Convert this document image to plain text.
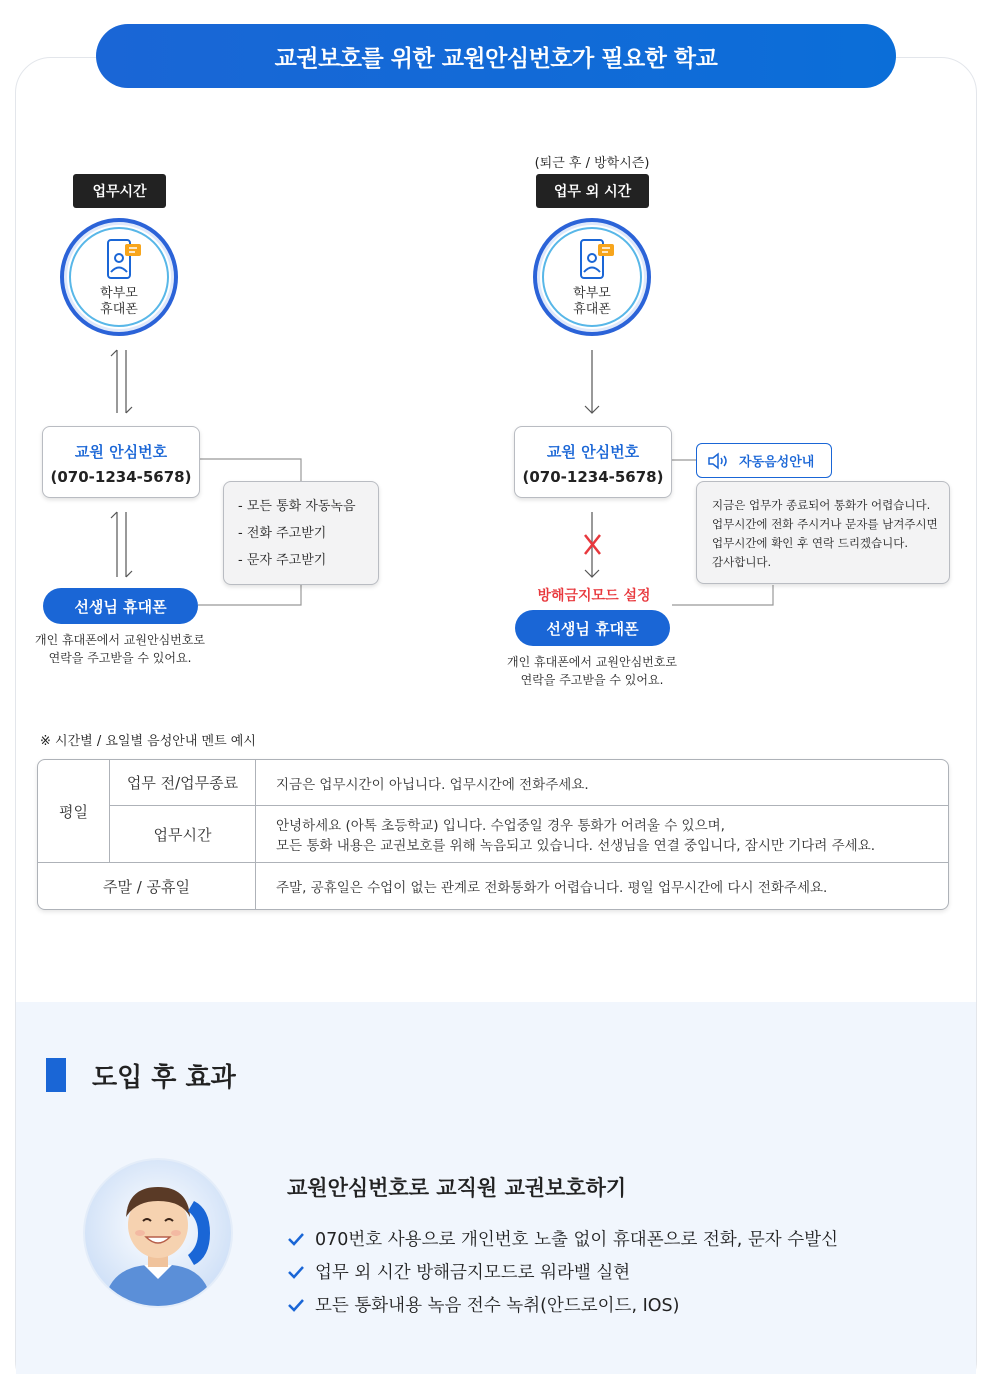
교권보호를 위한 교원안심번호가 필요한 학교
업무시간
학부모
휴대폰
교원 안심번호
(070-1234-5678)
- 모든 통화 자동녹음
- 전화 주고받기
- 문자 주고받기
선생님 휴대폰
개인 휴대폰에서 교원안심번호로
연락을 주고받을 수 있어요.
(퇴근 후 / 방학시즌)
업무 외 시간
학부모
휴대폰
교원 안심번호
(070-1234-5678)
자동음성안내
지금은 업무가 종료되어 통화가 어렵습니다.
업무시간에 전화 주시거나 문자를 남겨주시면
업무시간에 확인 후 연락 드리겠습니다.
감사합니다.
방해금지모드 설정
선생님 휴대폰
개인 휴대폰에서 교원안심번호로
연락을 주고받을 수 있어요.
※ 시간별 / 요일별 음성안내 멘트 예시
평일	업무 전/업무종료	지금은 업무시간이 아닙니다. 업무시간에 전화주세요.
	업무시간	안녕하세요 (아톡 초등학교) 입니다. 수업중일 경우 통화가 어려울 수 있으며,
모든 통화 내용은 교권보호를 위해 녹음되고 있습니다. 선생님을 연결 중입니다, 잠시만 기다려 주세요.

주말 / 공휴일		주말, 공휴일은 수업이 없는 관계로 전화통화가 어렵습니다. 평일 업무시간에 다시 전화주세요.
도입 후 효과
교원안심번호로 교직원 교권보호하기
070번호 사용으로 개인번호 노출 없이 휴대폰으로 전화, 문자 수발신
업무 외 시간 방해금지모드로 워라밸 실현
모든 통화내용 녹음 전수 녹취(안드로이드, IOS)
